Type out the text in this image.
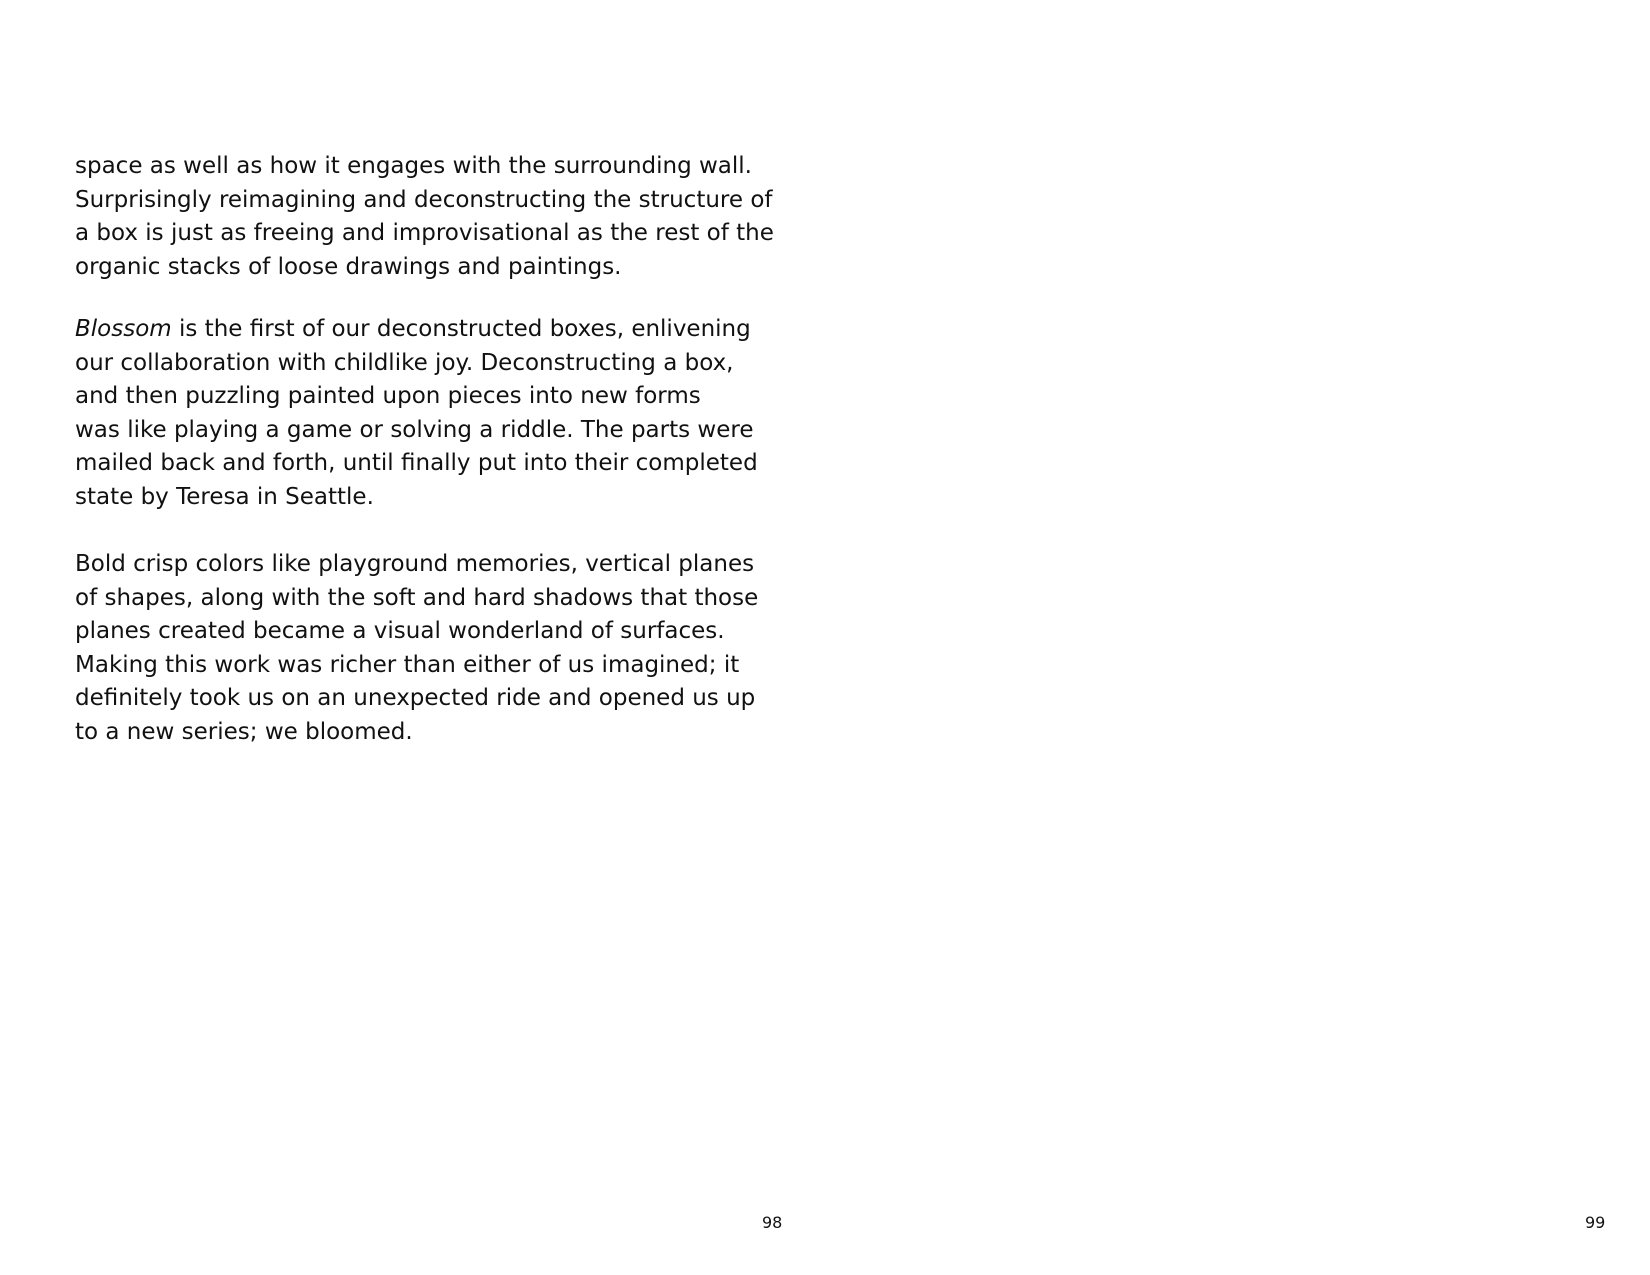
space as well as how it engages with the surrounding wall.
Surprisingly reimagining and deconstructing the structure of
a box is just as freeing and improvisational as the rest of the
organic stacks of loose drawings and paintings.

Blossom is the first of our deconstructed boxes, enlivening
our collaboration with childlike joy. Deconstructing a box,
and then puzzling painted upon pieces into new forms
was like playing a game or solving a riddle. The parts were
mailed back and forth, until finally put into their completed
state by Teresa in Seattle.

Bold crisp colors like playground memories, vertical planes
of shapes, along with the soft and hard shadows that those
planes created became a visual wonderland of surfaces.
Making this work was richer than either of us imagined; it
definitely took us on an unexpected ride and opened us up
to a new series; we bloomed.

98	99
